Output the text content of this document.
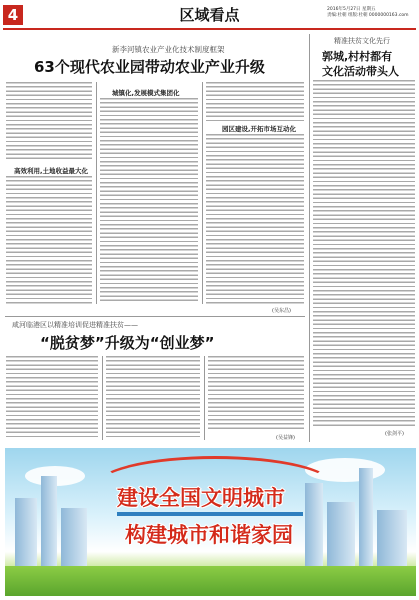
4	区域看点	2016年5月27日 星期五
责编:杜朝 组版:杜朝 0000000163.com
新李河镇农业产业化技术制度框架
63个现代农业园带动农业产业升级
高效利用,土地收益最大化
城镇化,发展模式集团化
园区建设,开拓市场互动化
(吴东昌)
精准扶贫文化先行
郭城,村村都有
文化活动带头人
(张剑平)
咸河临港区以精准培训促进精准扶贫——
“脱贫梦”升级为“创业梦”
(吴益锋)
建设全国文明城市
构建城市和谐家园
